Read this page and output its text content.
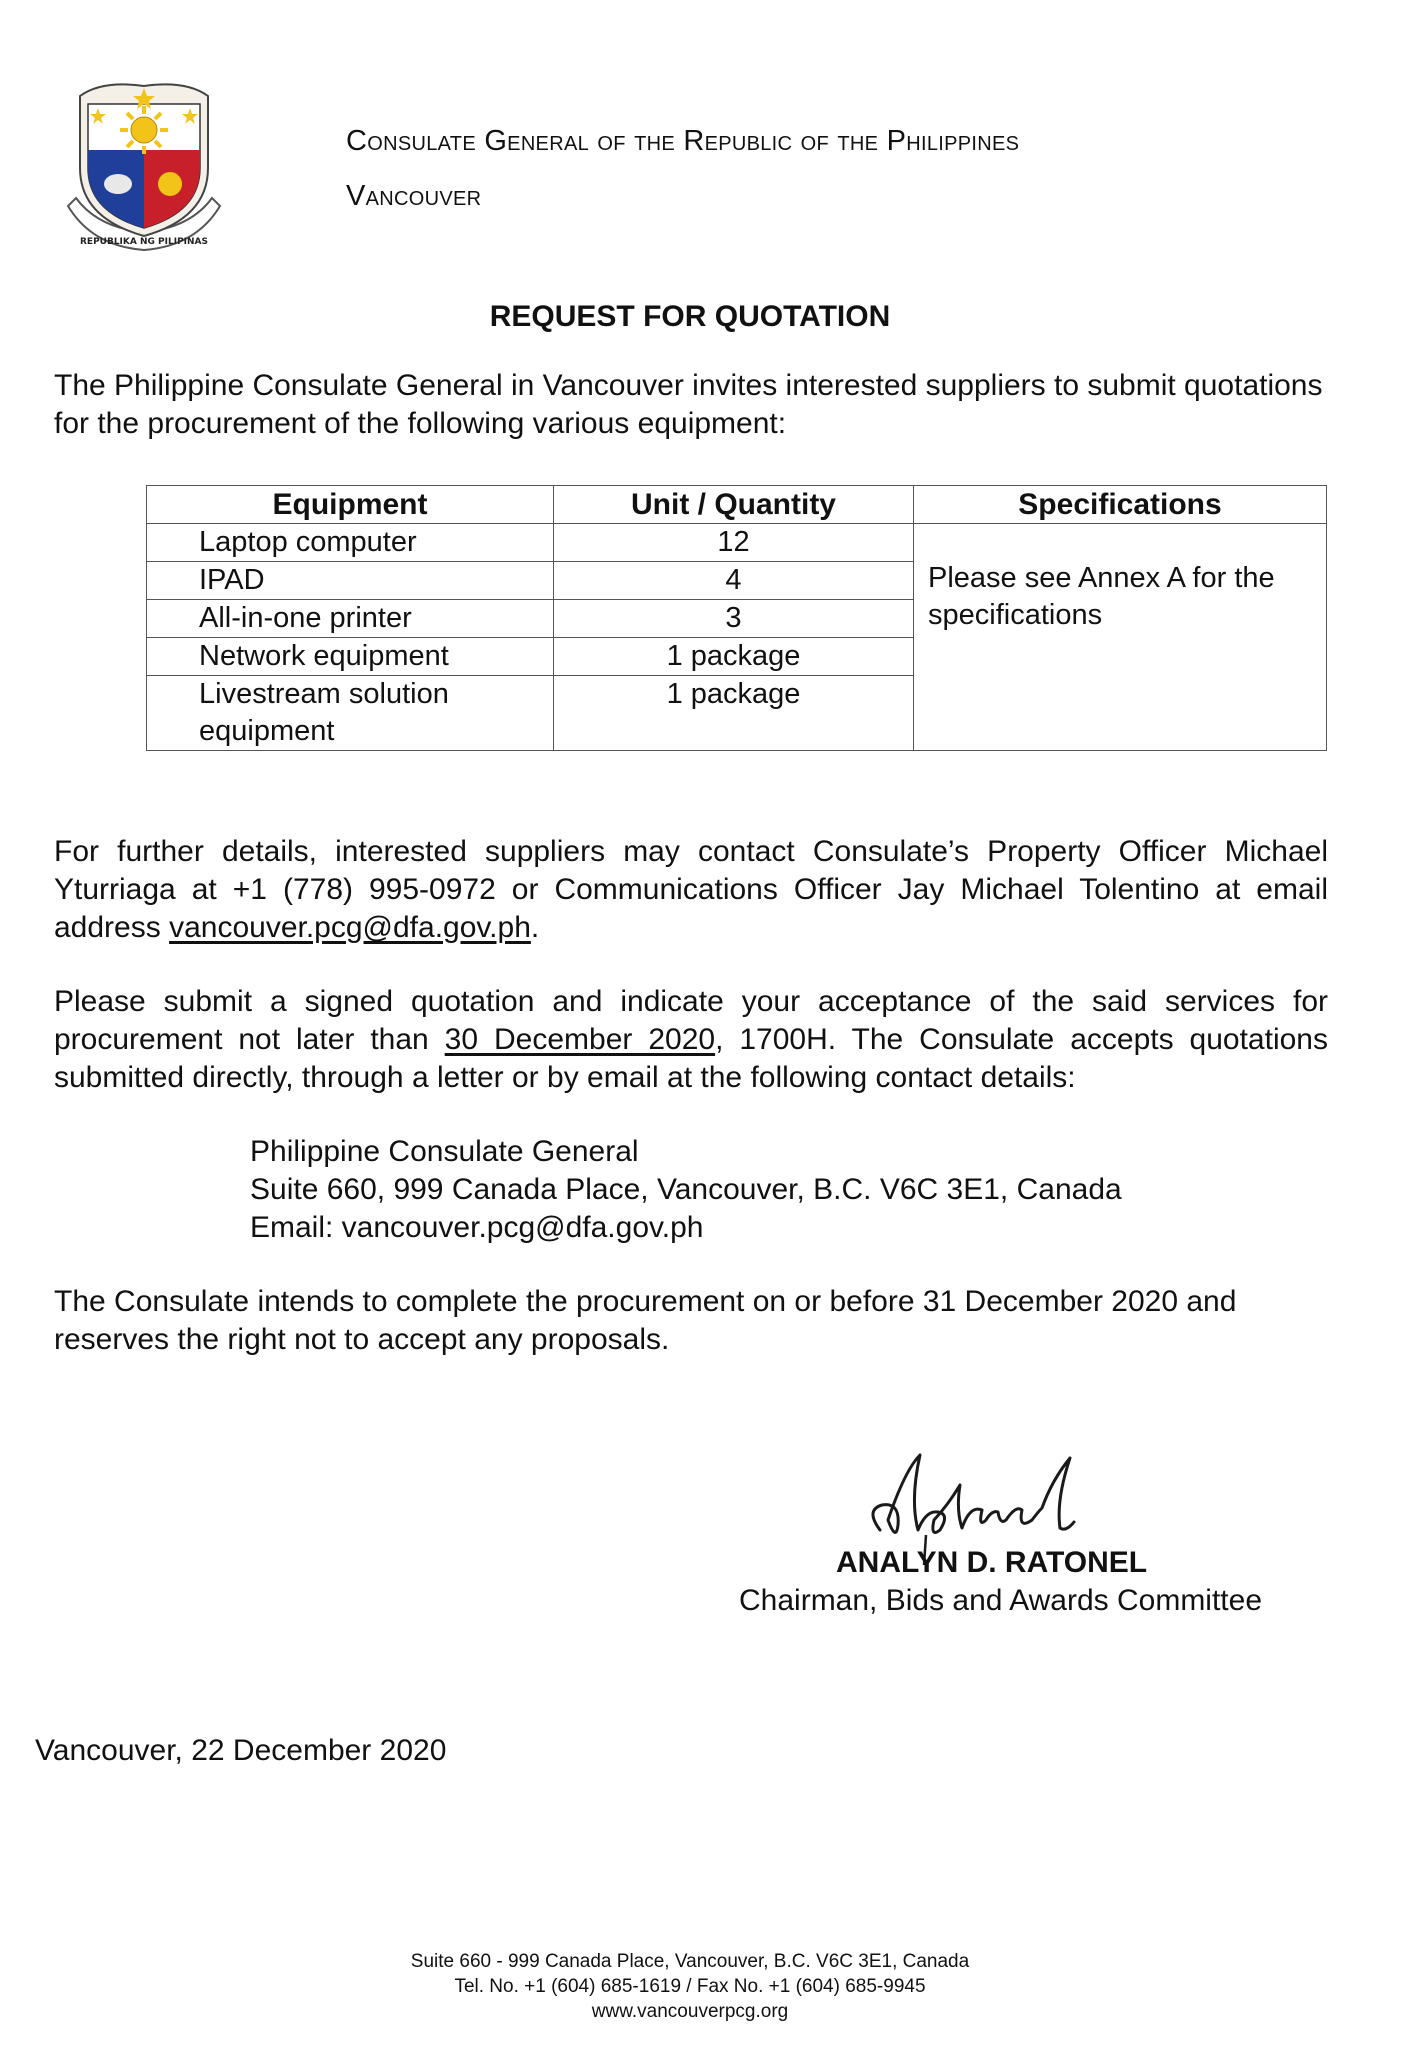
REPUBLIKA NG PILIPINAS
Consulate General of the Republic of the Philippines
Vancouver
REQUEST FOR QUOTATION
The Philippine Consulate General in Vancouver invites interested suppliers to submit quotations for the procurement of the following various equipment:
Equipment	Unit / Quantity	Specifications
Laptop computer	12	Please see Annex A for the specifications
IPAD	4	
All-in-one printer	3	
Network equipment	1 package	
Livestream solution equipment	1 package	
For further details, interested suppliers may contact Consulate’s Property Officer Michael Yturriaga at +1 (778) 995-0972 or Communications Officer Jay Michael Tolentino at email address vancouver.pcg@dfa.gov.ph.
Please submit a signed quotation and indicate your acceptance of the said services for procurement not later than 30 December 2020, 1700H. The Consulate accepts quotations submitted directly, through a letter or by email at the following contact details:
Philippine Consulate General
Suite 660, 999 Canada Place, Vancouver, B.C. V6C 3E1, Canada
Email: vancouver.pcg@dfa.gov.ph
The Consulate intends to complete the procurement on or before 31 December 2020 and reserves the right not to accept any proposals.
ANALYN D. RATONEL
Chairman, Bids and Awards Committee
Vancouver, 22 December 2020
Suite 660 - 999 Canada Place, Vancouver, B.C. V6C 3E1, Canada
Tel. No. +1 (604) 685-1619 / Fax No. +1 (604) 685-9945
www.vancouverpcg.org
